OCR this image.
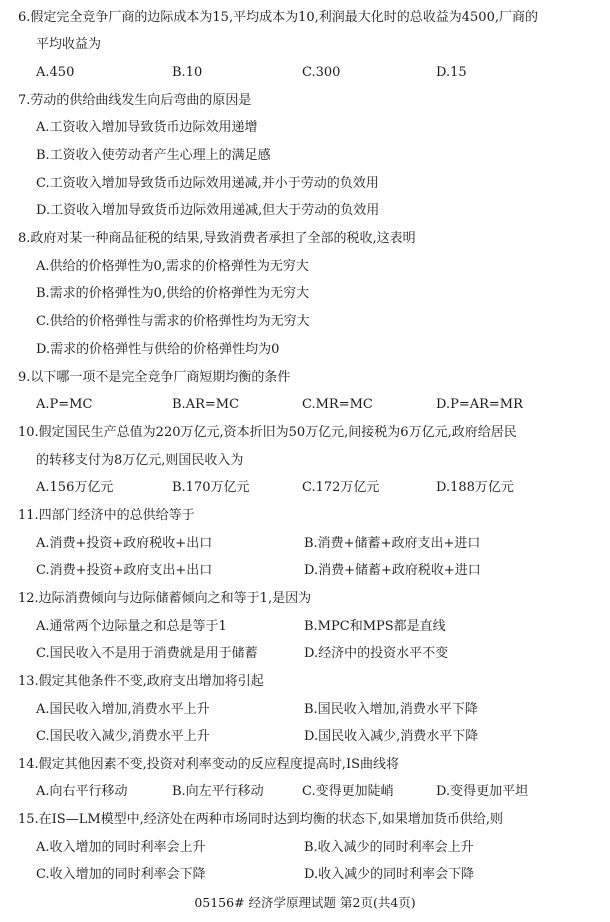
6.假定完全竞争厂商的边际成本为15,平均成本为10,利润最大化时的总收益为4500,厂商的
平均收益为
A.450	B.10	C.300	D.15
7.劳动的供给曲线发生向后弯曲的原因是
A.工资收入增加导致货币边际效用递增
B.工资收入使劳动者产生心理上的满足感
C.工资收入增加导致货币边际效用递减,并小于劳动的负效用
D.工资收入增加导致货币边际效用递减,但大于劳动的负效用
8.政府对某一种商品征税的结果,导致消费者承担了全部的税收,这表明
A.供给的价格弹性为0,需求的价格弹性为无穷大
B.需求的价格弹性为0,供给的价格弹性为无穷大
C.供给的价格弹性与需求的价格弹性均为无穷大
D.需求的价格弹性与供给的价格弹性均为0
9.以下哪一项不是完全竞争厂商短期均衡的条件
A.P=MC	B.AR=MC	C.MR=MC	D.P=AR=MR
10.假定国民生产总值为220万亿元,资本折旧为50万亿元,间接税为6万亿元,政府给居民
的转移支付为8万亿元,则国民收入为
A.156万亿元	B.170万亿元	C.172万亿元	D.188万亿元
11.四部门经济中的总供给等于
A.消费+投资+政府税收+出口	B.消费+储蓄+政府支出+进口
C.消费+投资+政府支出+出口	D.消费+储蓄+政府税收+进口
12.边际消费倾向与边际储蓄倾向之和等于1,是因为
A.通常两个边际量之和总是等于1	B.MPC和MPS都是直线
C.国民收入不是用于消费就是用于储蓄	D.经济中的投资水平不变
13.假定其他条件不变,政府支出增加将引起
A.国民收入增加,消费水平上升	B.国民收入增加,消费水平下降
C.国民收入减少,消费水平上升	D.国民收入减少,消费水平下降
14.假定其他因素不变,投资对利率变动的反应程度提高时,IS曲线将
A.向右平行移动	B.向左平行移动	C.变得更加陡峭	D.变得更加平坦
15.在IS—LM模型中,经济处在两种市场同时达到均衡的状态下,如果增加货币供给,则
A.收入增加的同时利率会上升	B.收入减少的同时利率会上升
C.收入增加的同时利率会下降	D.收入减少的同时利率会下降
05156# 经济学原理试题 第2页(共4页)
